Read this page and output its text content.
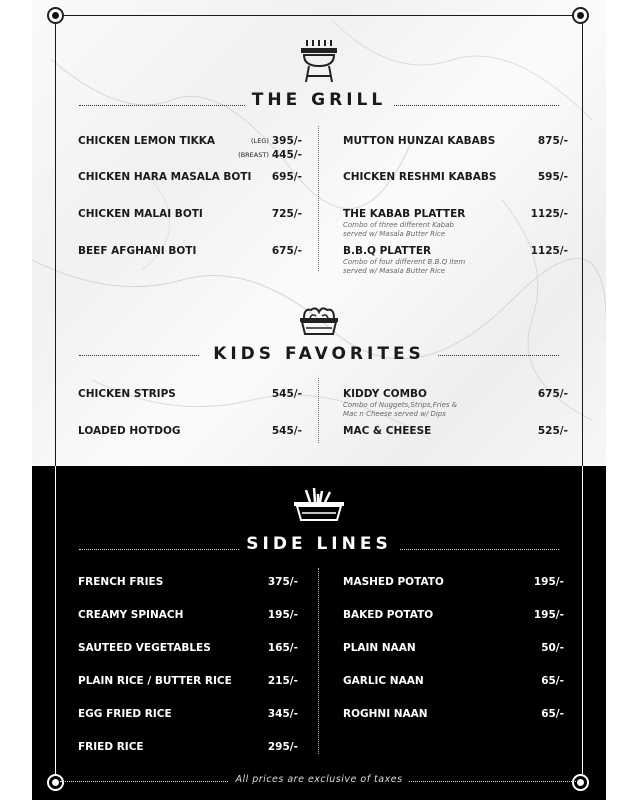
THE GRILL
CHICKEN LEMON TIKKA	(LEG) 395/-
(BREAST) 445/-
CHICKEN HARA MASALA BOTI 695/-
CHICKEN MALAI BOTI	725/-
BEEF AFGHANI BOTI	675/-
MUTTON HUNZAI KABABS	875/-
CHICKEN RESHMI KABABS	595/-
THE KABAB PLATTER	1125/-
Combo of three different Kabab
served w/ Masala Butter Rice
B.B.Q PLATTER	1125/-
Combo of four different B.B.Q item
served w/ Masala Butter Rice
KIDS FAVORITES
CHICKEN STRIPS	545/-
LOADED HOTDOG	545/-
KIDDY COMBO	675/-
Combo of Nuggets,Strips,Fries &
Mac n Cheese served w/ Dips
MAC & CHEESE	525/-
SIDE LINES
FRENCH FRIES	375/-
CREAMY SPINACH	195/-
SAUTEED VEGETABLES	165/-
PLAIN RICE / BUTTER RICE	215/-
EGG FRIED RICE	345/-
FRIED RICE	295/-
MASHED POTATO	195/-
BAKED POTATO	195/-
PLAIN NAAN	50/-
GARLIC NAAN	65/-
ROGHNI NAAN	65/-
All prices are exclusive of taxes
